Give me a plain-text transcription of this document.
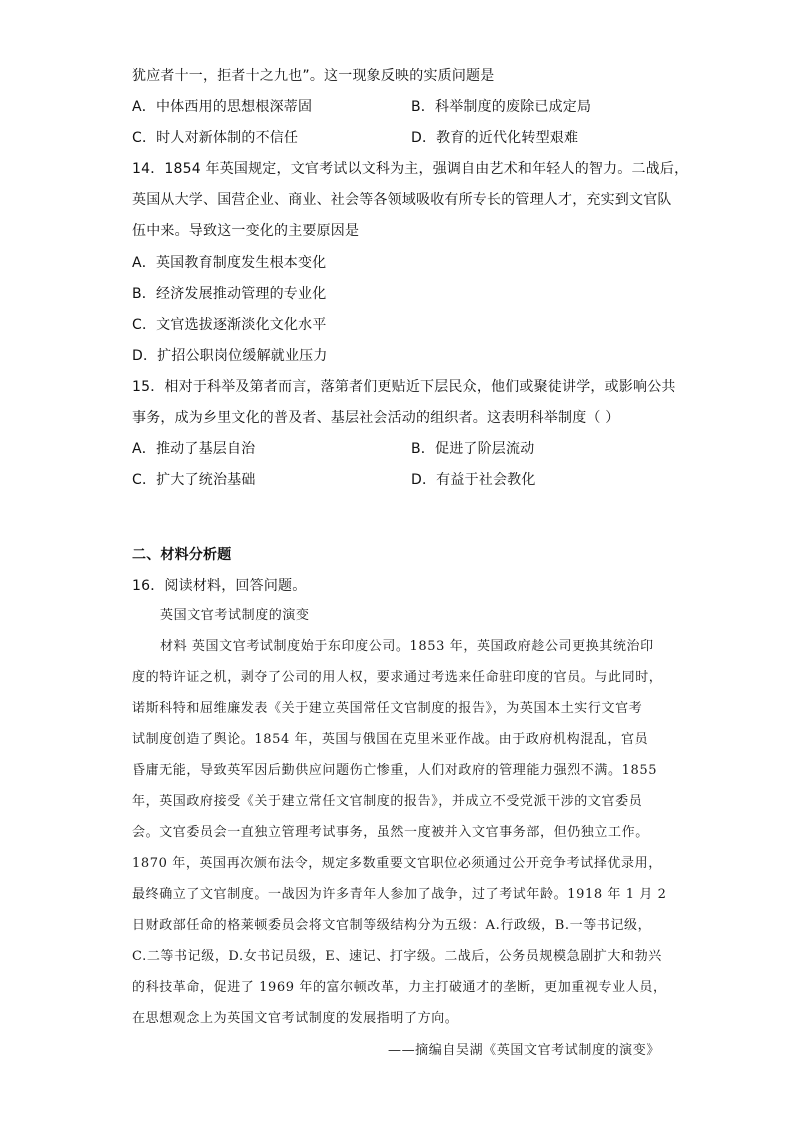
犹应者十一，拒者十之九也”。这一现象反映的实质问题是
A．中体西用的思想根深蒂固	B．科举制度的废除已成定局
C．时人对新体制的不信任	D．教育的近代化转型艰难
14．1854 年英国规定，文官考试以文科为主，强调自由艺术和年轻人的智力。二战后，
英国从大学、国营企业、商业、社会等各领域吸收有所专长的管理人才，充实到文官队
伍中来。导致这一变化的主要原因是
A．英国教育制度发生根本变化
B．经济发展推动管理的专业化
C．文官选拔逐渐淡化文化水平
D．扩招公职岗位缓解就业压力
15．相对于科举及第者而言，落第者们更贴近下层民众，他们或聚徒讲学，或影响公共
事务，成为乡里文化的普及者、基层社会活动的组织者。这表明科举制度（ ）
A．推动了基层自治	B．促进了阶层流动
C．扩大了统治基础	D．有益于社会教化
二、材料分析题
16．阅读材料，回答问题。
英国文官考试制度的演变
材料 英国文官考试制度始于东印度公司。1853 年，英国政府趁公司更换其统治印
度的特许证之机，剥夺了公司的用人权，要求通过考选来任命驻印度的官员。与此同时，
诺斯科特和屈维廉发表《关于建立英国常任文官制度的报告》，为英国本土实行文官考
试制度创造了舆论。1854 年，英国与俄国在克里米亚作战。由于政府机构混乱，官员
昏庸无能，导致英军因后勤供应问题伤亡惨重，人们对政府的管理能力强烈不满。1855
年，英国政府接受《关于建立常任文官制度的报告》，并成立不受党派干涉的文官委员
会。文官委员会一直独立管理考试事务，虽然一度被并入文官事务部，但仍独立工作。
1870 年，英国再次颁布法令，规定多数重要文官职位必须通过公开竞争考试择优录用，
最终确立了文官制度。一战因为许多青年人参加了战争，过了考试年龄。1918 年 1 月 2
日财政部任命的格莱顿委员会将文官制等级结构分为五级：A.行政级，B.一等书记级，
C.二等书记级，D.女书记员级，E、速记、打字级。二战后，公务员规模急剧扩大和勃兴
的科技革命，促进了 1969 年的富尔顿改革，力主打破通才的垄断，更加重视专业人员，
在思想观念上为英国文官考试制度的发展指明了方向。
——摘编自吴湖《英国文官考试制度的演变》
